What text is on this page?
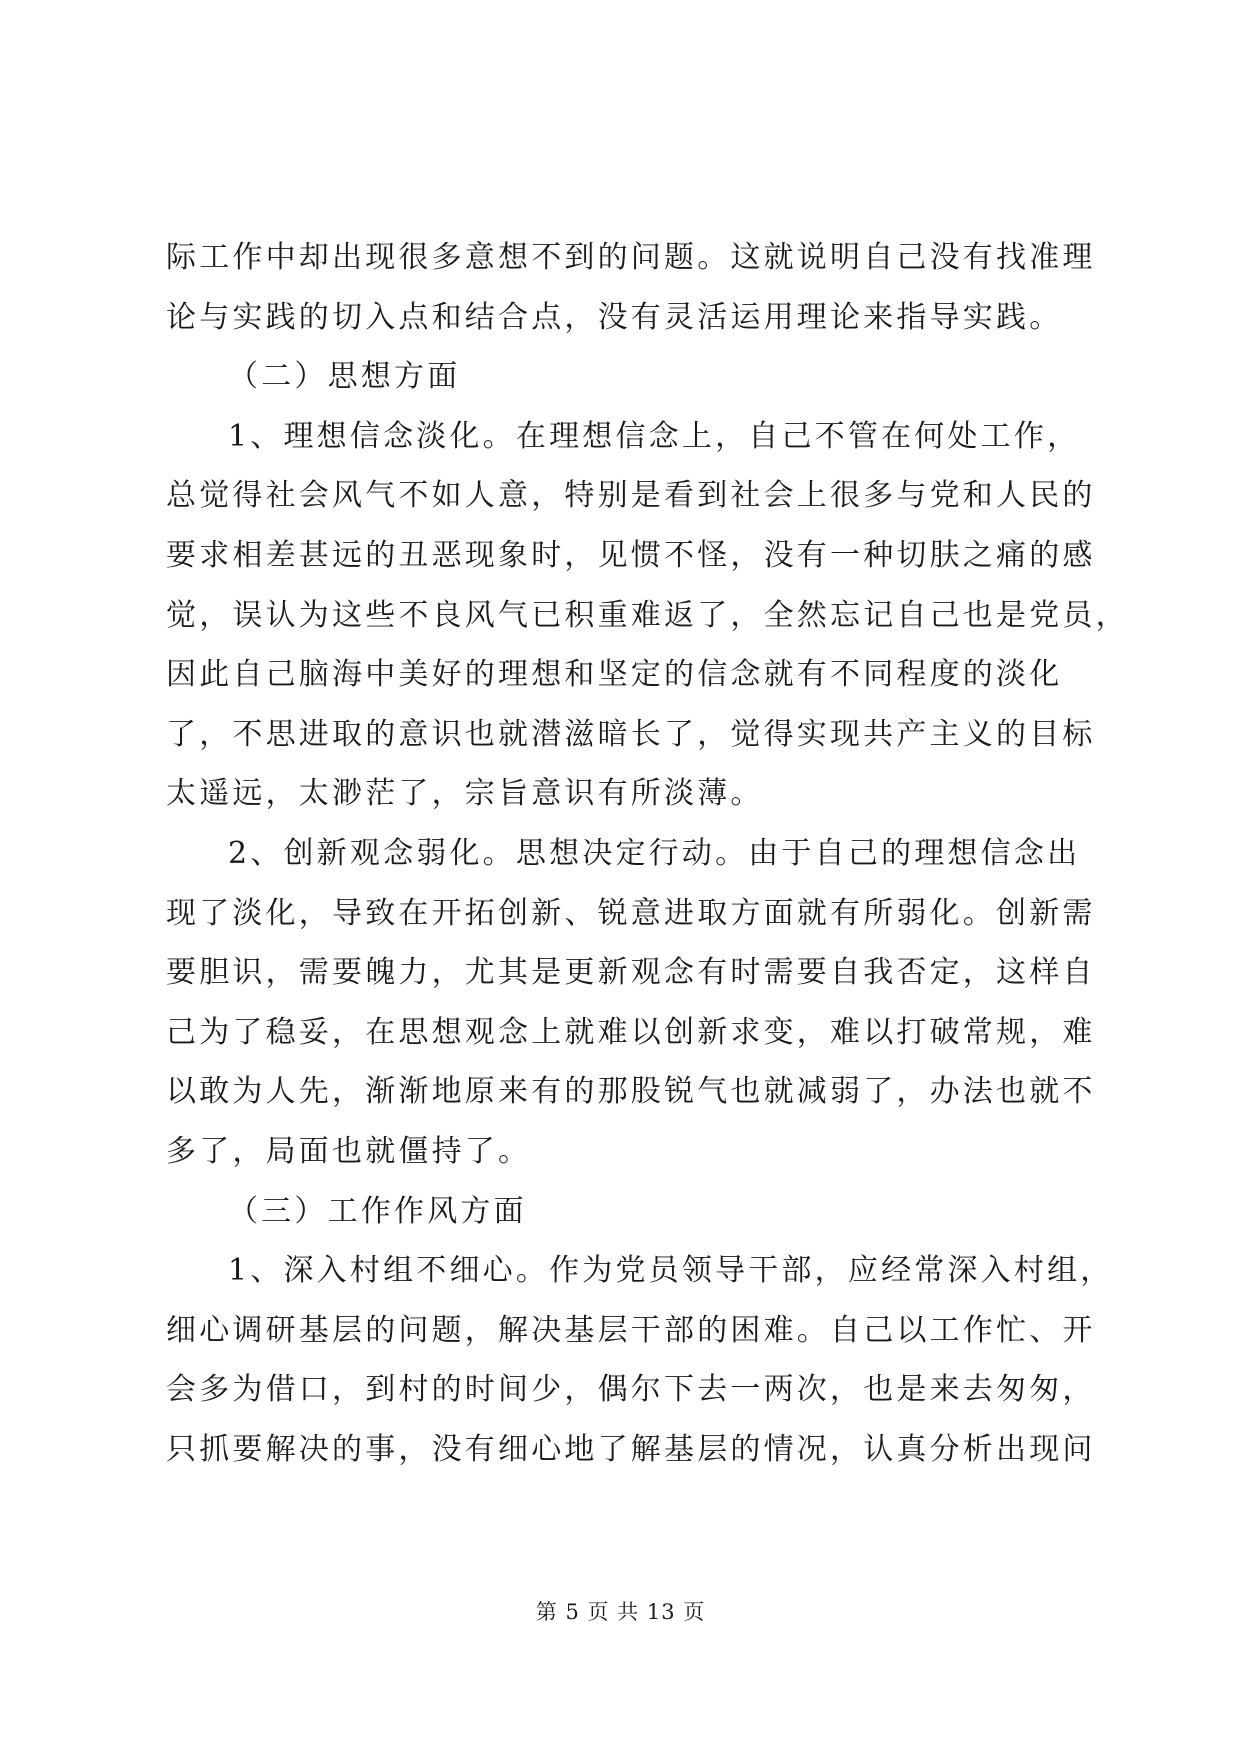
际工作中却出现很多意想不到的问题。这就说明自己没有找准理
论与实践的切入点和结合点，没有灵活运用理论来指导实践。
（二）思想方面
1、理想信念淡化。在理想信念上，自己不管在何处工作，
总觉得社会风气不如人意，特别是看到社会上很多与党和人民的
要求相差甚远的丑恶现象时，见惯不怪，没有一种切肤之痛的感
觉，误认为这些不良风气已积重难返了，全然忘记自己也是党员，
因此自己脑海中美好的理想和坚定的信念就有不同程度的淡化
了，不思进取的意识也就潜滋暗长了，觉得实现共产主义的目标
太遥远，太渺茫了，宗旨意识有所淡薄。
2、创新观念弱化。思想决定行动。由于自己的理想信念出
现了淡化，导致在开拓创新、锐意进取方面就有所弱化。创新需
要胆识，需要魄力，尤其是更新观念有时需要自我否定，这样自
己为了稳妥，在思想观念上就难以创新求变，难以打破常规，难
以敢为人先，渐渐地原来有的那股锐气也就减弱了，办法也就不
多了，局面也就僵持了。
（三）工作作风方面
1、深入村组不细心。作为党员领导干部，应经常深入村组，
细心调研基层的问题，解决基层干部的困难。自己以工作忙、开
会多为借口，到村的时间少，偶尔下去一两次，也是来去匆匆，
只抓要解决的事，没有细心地了解基层的情况，认真分析出现问
第 5 页 共 13 页
